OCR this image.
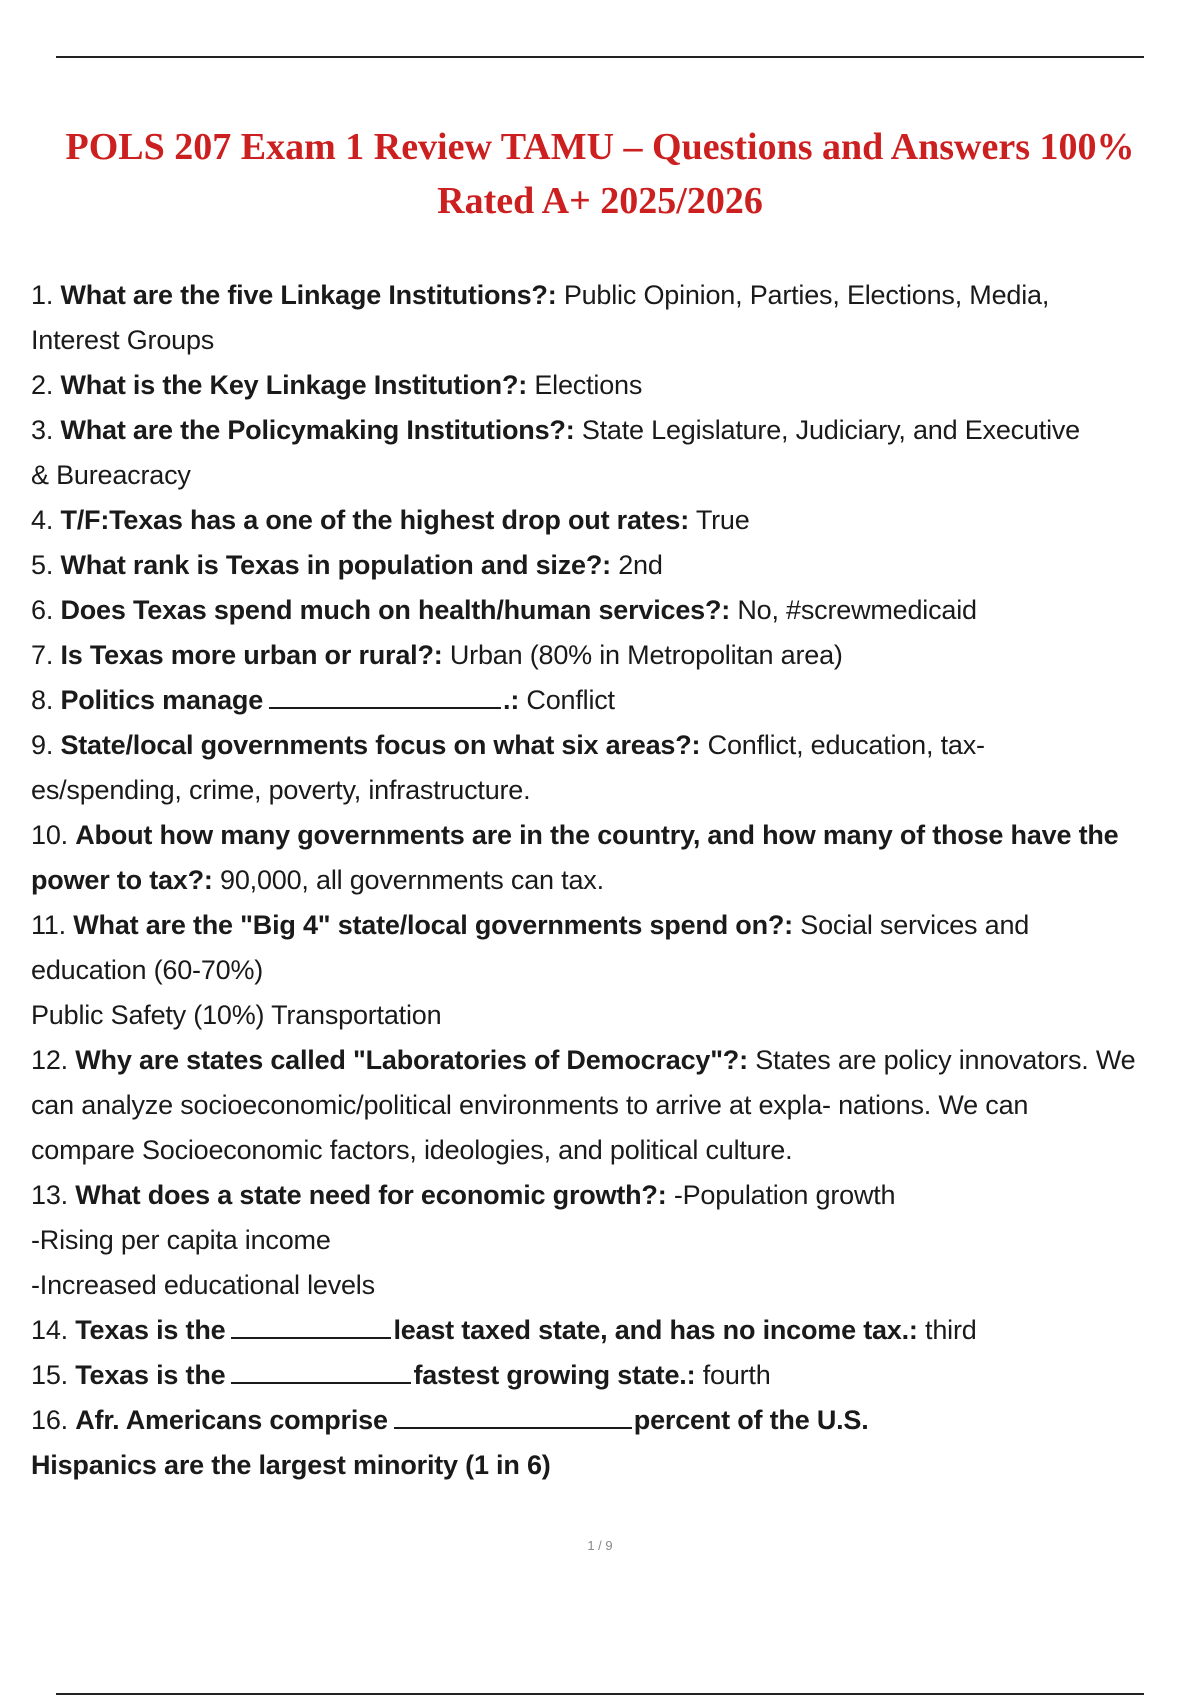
POLS 207 Exam 1 Review TAMU – Questions and Answers 100%
Rated A+ 2025/2026
1. What are the five Linkage Institutions?: Public Opinion, Parties, Elections, Media,
Interest Groups
2. What is the Key Linkage Institution?: Elections
3. What are the Policymaking Institutions?: State Legislature, Judiciary, and Executive
& Bureacracy
4. T/F:Texas has a one of the highest drop out rates: True
5. What rank is Texas in population and size?: 2nd
6. Does Texas spend much on health/human services?: No, #screwmedicaid
7. Is Texas more urban or rural?: Urban (80% in Metropolitan area)
8. Politics manage	.: Conflict
9. State/local governments focus on what six areas?: Conflict, education, tax-
es/spending, crime, poverty, infrastructure.
10. About how many governments are in the country, and how many of those have the
power to tax?: 90,000, all governments can tax.
11. What are the "Big 4" state/local governments spend on?: Social services and
education (60-70%)
Public Safety (10%) Transportation
12. Why are states called "Laboratories of Democracy"?: States are policy innovators. We
can analyze socioeconomic/political environments to arrive at expla- nations. We can
compare Socioeconomic factors, ideologies, and political culture.
13. What does a state need for economic growth?: -Population growth
-Rising per capita income
-Increased educational levels
14. Texas is the	least taxed state, and has no income tax.: third
15. Texas is the	fastest growing state.: fourth
16. Afr. Americans comprise	percent of the U.S.
Hispanics are the largest minority (1 in 6)
1 / 9
